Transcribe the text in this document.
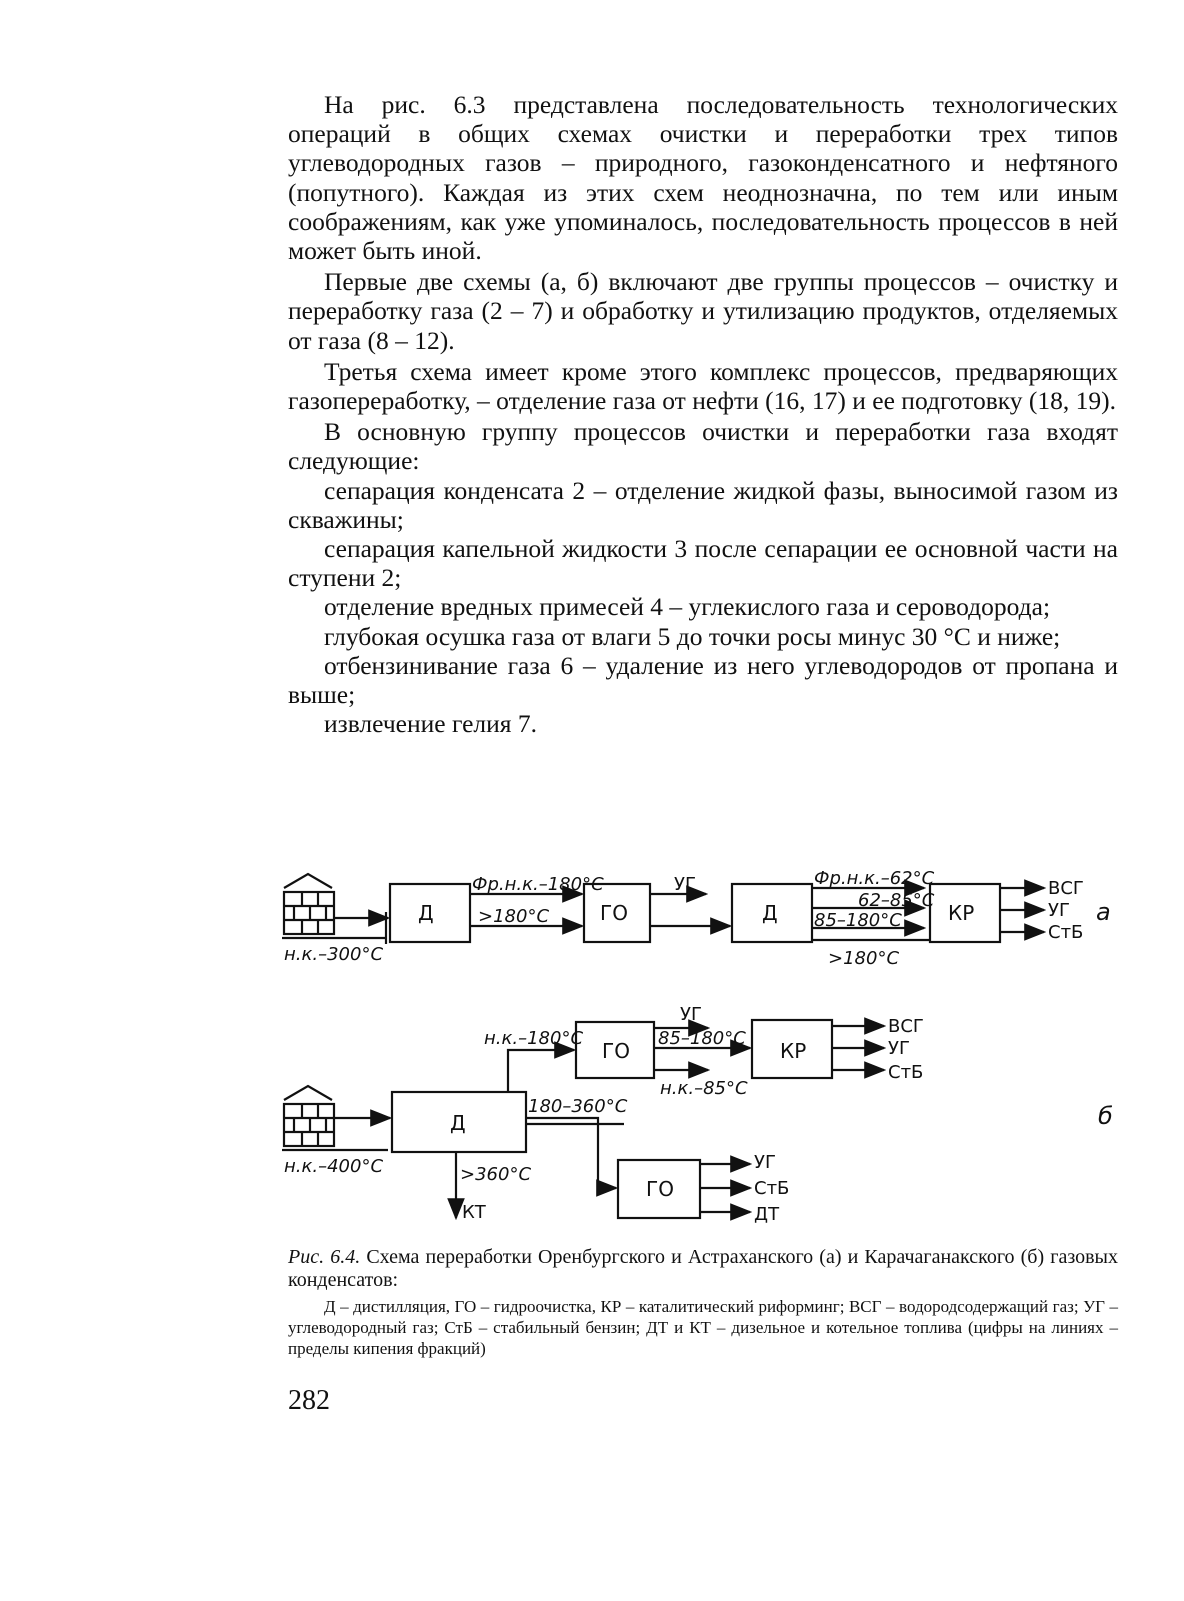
На рис. 6.3 представлена последовательность технологических операций в общих схемах очистки и переработки трех типов углеводородных газов – природного, газоконденсатного и нефтяного (попутного). Каждая из этих схем неоднозначна, по тем или иным соображениям, как уже упоминалось, последовательность процессов в ней может быть иной.

Первые две схемы (а, б) включают две группы процессов – очистку и переработку газа (2 – 7) и обработку и утилизацию продуктов, отделяемых от газа (8 – 12).

Третья схема имеет кроме этого комплекс процессов, предваряющих газопереработку, – отделение газа от нефти (16, 17) и ее подготовку (18, 19).

В основную группу процессов очистки и переработки газа входят следующие:

сепарация конденсата 2 – отделение жидкой фазы, выносимой газом из скважины;

сепарация капельной жидкости 3 после сепарации ее основной части на ступени 2;

отделение вредных примесей 4 – углекислого газа и сероводорода;

глубокая осушка газа от влаги 5 до точки росы минус 30 °С и ниже;

отбензинивание газа 6 – удаление из него углеводородов от пропана и выше;

извлечение гелия 7.

Д
н.к.–300°С
Фр.н.к.–180°С
>180°С	ГО
УГ
Д
Фр.н.к.–62°С
62–85°С
85–180°С
>180°С
КР
ВСГ
УГ
СтБ
а
н.к.–400°С
Д
н.к.–180°С
ГО
УГ
85–180°С
н.к.–85°С
КР
ВСГ
УГ
СтБ
180–360°С
>360°С
КТ
ГО
УГ
СтБ
ДТ
б

Рис. 6.4. Схема переработки Оренбургского и Астраханского (а) и Карачаганакского (б) газовых конденсатов:

Д – дистилляция, ГО – гидроочистка, КР – каталитический риформинг; ВСГ – водородсодержащий газ; УГ – углеводородный газ; СтБ – стабильный бензин; ДТ и КТ – дизельное и котельное топлива (цифры на линиях – пределы кипения фракций)

282
